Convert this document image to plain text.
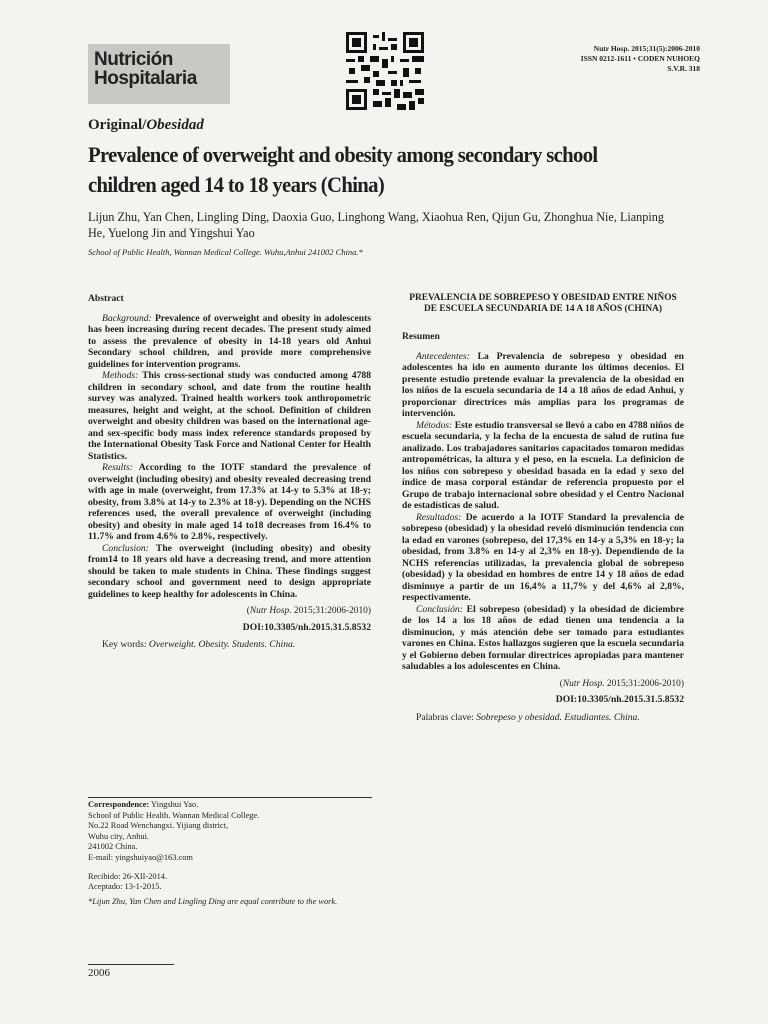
Nutrición
Hospitalaria
Nutr Hosp. 2015;31(5):2006-2010
ISSN 0212-1611 • CODEN NUHOEQ
S.V.R. 318
Original/Obesidad
Prevalence of overweight and obesity among secondary school children aged 14 to 18 years (China)
Lijun Zhu, Yan Chen, Lingling Ding, Daoxia Guo, Linghong Wang, Xiaohua Ren, Qijun Gu, Zhonghua Nie, Lianping He, Yuelong Jin and Yingshui Yao
School of Public Health, Wannan Medical College. Wuhu,Anhui 241002 China.*
Abstract

Background: Prevalence of overweight and obesity in adolescents has been increasing during recent decades. The present study aimed to assess the prevalence of obesity in 14-18 years old Anhui Secondary school children, and provide more comprehensive guidelines for intervention programs.

Methods: This cross-sectional study was conducted among 4788 children in secondary school, and date from the routine health survey was analyzed. Trained health workers took anthropometric measures, height and weight, at the school. Definition of children overweight and obesity children was based on the international age-and sex-specific body mass index reference standards proposed by the International Obesity Task Force and National Center for Health Statistics.

Results: According to the IOTF standard the prevalence of overweight (including obesity) and obesity revealed decreasing trend with age in male (overweight, from 17.3% at 14-y to 5.3% at 18-y; obesity, from 3.8% at 14-y to 2.3% at 18-y). Depending on the NCHS references used, the overall prevalence of overweight (including obesity) and obesity in male aged 14 to18 decreases from 16.4% to 11.7% and from 4.6% to 2.8%, respectively.

Conclusion: The overweight (including obesity) and obesity from14 to 18 years old have a decreasing trend, and more attention should be taken to male students in China. These findings suggest secondary school and government need to design appropriate guidelines to keep healthy for adolescents in China.

(Nutr Hosp. 2015;31:2006-2010)
DOI:10.3305/nh.2015.31.5.8532
Key words: Overweight. Obesity. Students. China.
PREVALENCIA DE SOBREPESO Y OBESIDAD ENTRE NIÑOS DE ESCUELA SECUNDARIA DE 14 A 18 AÑOS (CHINA)
Resumen

Antecedentes: La Prevalencia de sobrepeso y obesidad en adolescentes ha ido en aumento durante los últimos decenios. El presente estudio pretende evaluar la prevalencia de la obesidad en los niños de la escuela secundaria de 14 a 18 años de edad Anhui, y proporcionar directrices más amplias para los programas de intervención.

Métodos: Este estudio transversal se llevó a cabo en 4788 niños de escuela secundaria, y la fecha de la encuesta de salud de rutina fue analizado. Los trabajadores sanitarios capacitados tomaron medidas antropométricas, la altura y el peso, en la escuela. La definicion de los niños con sobrepeso y obesidad basada en la edad y sexo del índice de masa corporal estándar de referencia propuesto por el Grupo de trabajo internacional sobre obesidad y el Centro Nacional de estadísticas de salud.

Resultados: De acuerdo a la IOTF Standard la prevalencia de sobrepeso (obesidad) y la obesidad reveló disminución tendencia con la edad en varones (sobrepeso, del 17,3% en 14-y a 5,3% en 18-y; la obesidad, from 3.8% en 14-y al 2,3% en 18-y). Dependiendo de la NCHS referencias utilizadas, la prevalencia global de sobrepeso (obesidad) y la obesidad en hombres de entre 14 y 18 años de edad disminuye a partir de un 16,4% a 11,7% y del 4,6% al 2,8%, respectivamente.

Conclusión: El sobrepeso (obesidad) y la obesidad de diciembre de los 14 a los 18 años de edad tienen una tendencia a la disminucion, y más atención debe ser tomado para estudiantes varones en China. Estos hallazgos sugieren que la escuela secundaria y el Gobierno deben formular directrices apropiadas para mantener saludables a los adolescentes en China.

(Nutr Hosp. 2015;31:2006-2010)
DOI:10.3305/nh.2015.31.5.8532
Palabras clave: Sobrepeso y obesidad. Estudiantes. China.
Correspondence: Yingshui Yao.
School of Public Health. Wannan Medical College.
No.22 Road Wenchangxi. Yijiang district,
Wuhu city, Anhui.
241002 China.
E-mail: yingshuiyao@163.com
Recibido: 26-XII-2014.
Aceptado: 13-1-2015.
*Lijun Zhu, Yan Chen and Lingling Ding are equal contribute to the work.
2006
